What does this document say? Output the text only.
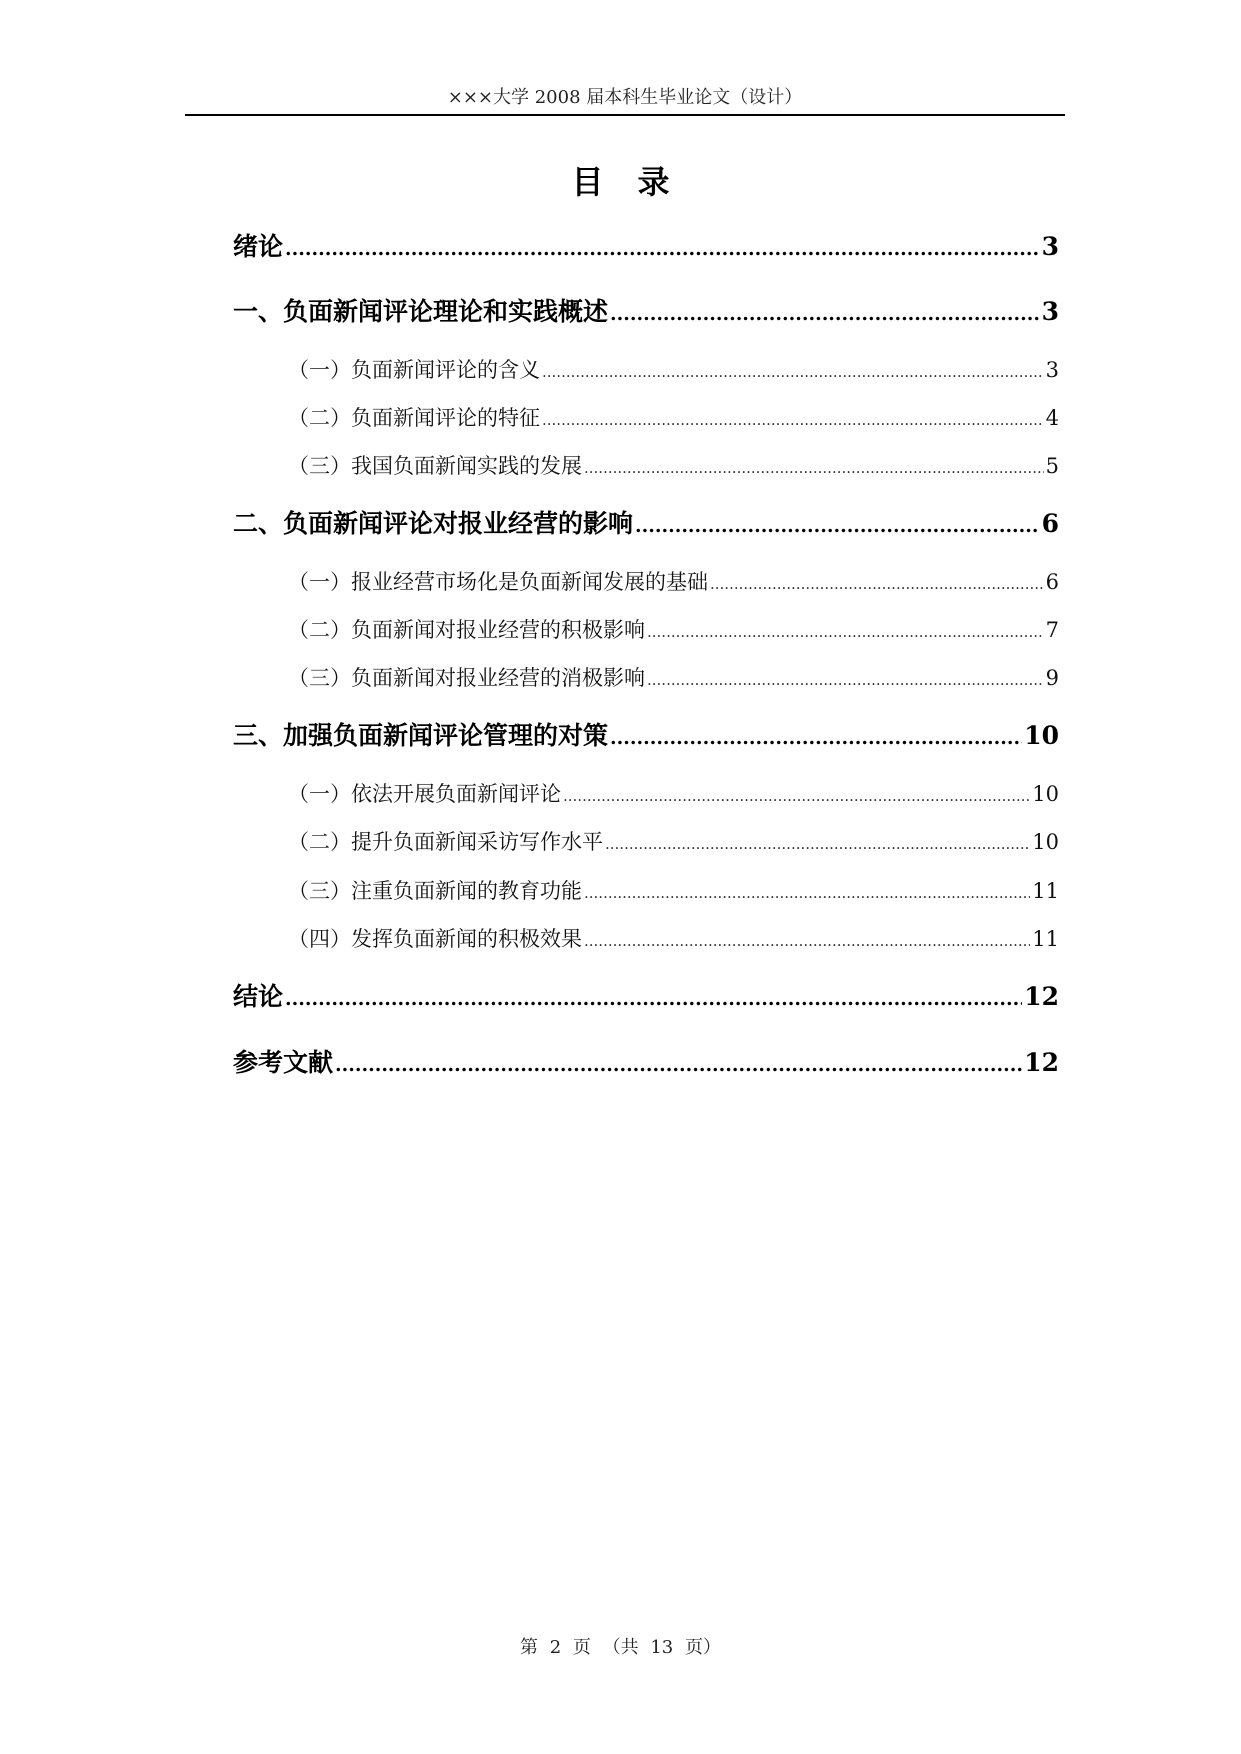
×××大学 2008 届本科生毕业论文（设计）
目录
绪论 .....	3
一、负面新闻评论理论和实践概述 .....	3
（一）负面新闻评论的含义 .....	3
（二）负面新闻评论的特征 .....	4
（三）我国负面新闻实践的发展 .....	5
二、负面新闻评论对报业经营的影响 .....	6
（一）报业经营市场化是负面新闻发展的基础 .....	6
（二）负面新闻对报业经营的积极影响 .....	7
（三）负面新闻对报业经营的消极影响 .....	9
三、加强负面新闻评论管理的对策 .....	10
（一）依法开展负面新闻评论 .....	10
（二）提升负面新闻采访写作水平 .....	10
（三）注重负面新闻的教育功能 .....	11
（四）发挥负面新闻的积极效果 .....	11
结论 .....	12
参考文献 .....	12
第 2 页 （共 13 页）
